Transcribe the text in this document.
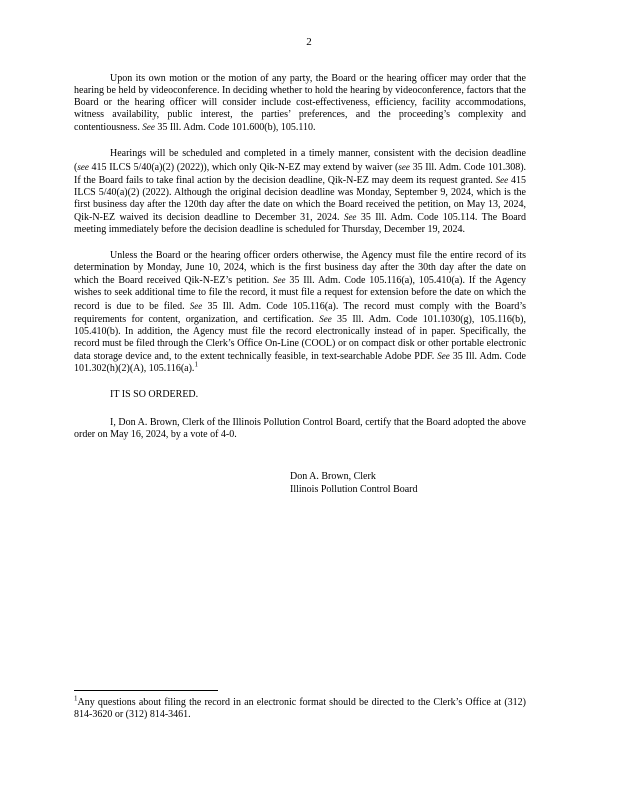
2

Upon its own motion or the motion of any party, the Board or the hearing officer may order that the hearing be held by videoconference. In deciding whether to hold the hearing by videoconference, factors that the Board or the hearing officer will consider include cost-effectiveness, efficiency, facility accommodations, witness availability, public interest, the parties’ preferences, and the proceeding’s complexity and contentiousness. See 35 Ill. Adm. Code 101.600(b), 105.110.

Hearings will be scheduled and completed in a timely manner, consistent with the decision deadline (see 415 ILCS 5/40(a)(2) (2022)), which only Qik-N-EZ may extend by waiver (see 35 Ill. Adm. Code 101.308). If the Board fails to take final action by the decision deadline, Qik-N-EZ may deem its request granted. See 415 ILCS 5/40(a)(2) (2022). Although the original decision deadline was Monday, September 9, 2024, which is the first business day after the 120th day after the date on which the Board received the petition, on May 13, 2024, Qik-N-EZ waived its decision deadline to December 31, 2024. See 35 Ill. Adm. Code 105.114. The Board meeting immediately before the decision deadline is scheduled for Thursday, December 19, 2024.

Unless the Board or the hearing officer orders otherwise, the Agency must file the entire record of its determination by Monday, June 10, 2024, which is the first business day after the 30th day after the date on which the Board received Qik-N-EZ’s petition. See 35 Ill. Adm. Code 105.116(a), 105.410(a). If the Agency wishes to seek additional time to file the record, it must file a request for extension before the date on which the record is due to be filed. See 35 Ill. Adm. Code 105.116(a). The record must comply with the Board’s requirements for content, organization, and certification. See 35 Ill. Adm. Code 101.1030(g), 105.116(b), 105.410(b). In addition, the Agency must file the record electronically instead of in paper. Specifically, the record must be filed through the Clerk’s Office On-Line (COOL) or on compact disk or other portable electronic data storage device and, to the extent technically feasible, in text-searchable Adobe PDF. See 35 Ill. Adm. Code 101.302(h)(2)(A), 105.116(a).$^1$

IT IS SO ORDERED.

I, Don A. Brown, Clerk of the Illinois Pollution Control Board, certify that the Board adopted the above order on May 16, 2024, by a vote of 4-0.

Don A. Brown, Clerk
Illinois Pollution Control Board
$^1$Any questions about filing the record in an electronic format should be directed to the Clerk’s Office at (312) 814-3620 or (312) 814-3461.
